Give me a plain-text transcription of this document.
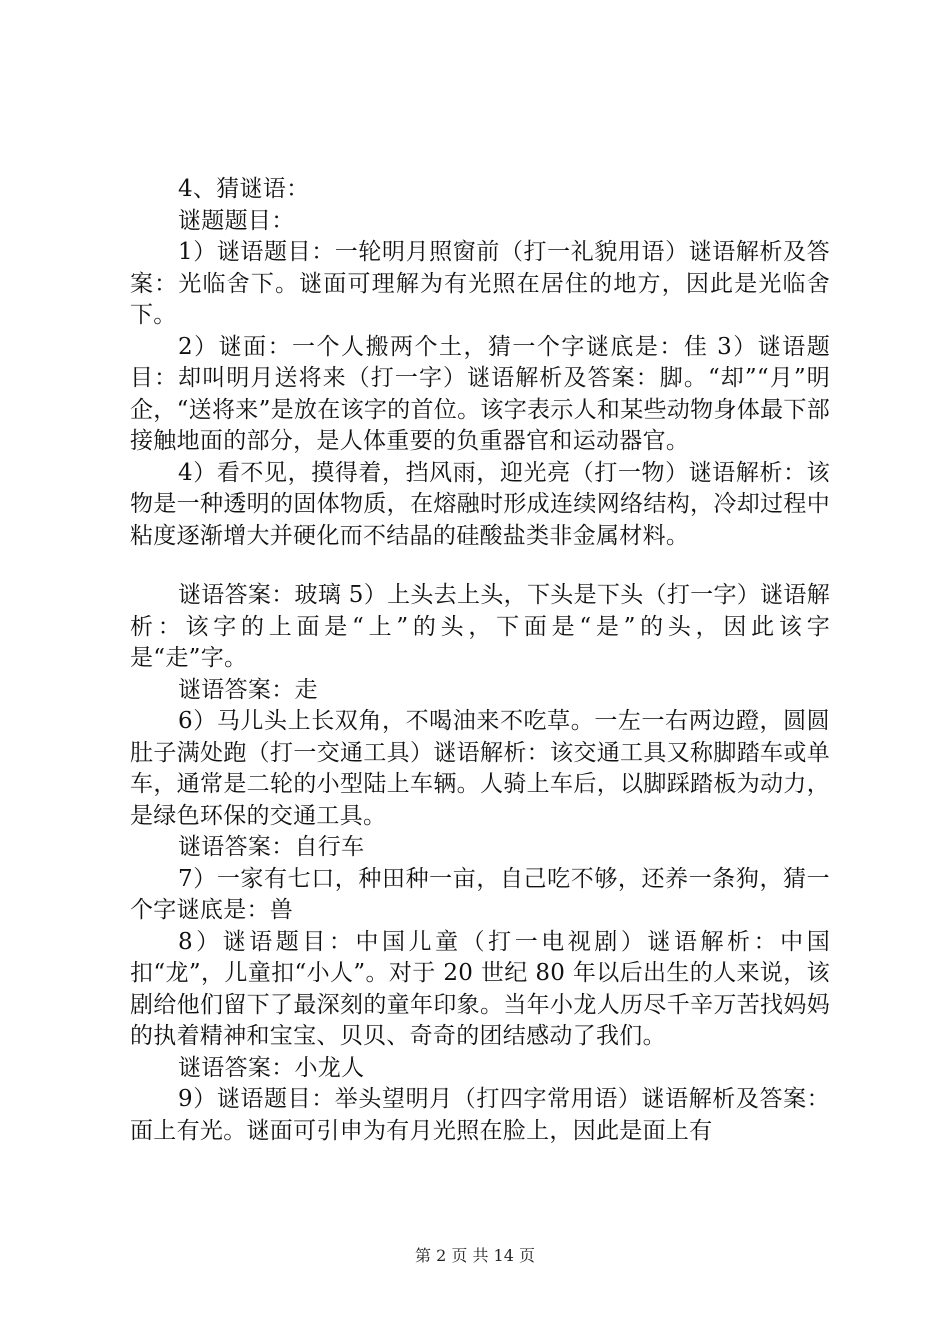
4、猜谜语：

谜题题目：

1）谜语题目：一轮明月照窗前（打一礼貌用语）谜语解析及答案：光临舍下。谜面可理解为有光照在居住的地方，因此是光临舍下。

2）谜面：一个人搬两个土，猜一个字谜底是：佳 3）谜语题目：却叫明月送将来（打一字）谜语解析及答案：脚。“却”“月”明企，“送将来”是放在该字的首位。该字表示人和某些动物身体最下部接触地面的部分，是人体重要的负重器官和运动器官。

4）看不见，摸得着，挡风雨，迎光亮（打一物）谜语解析：该物是一种透明的固体物质，在熔融时形成连续网络结构，冷却过程中粘度逐渐增大并硬化而不结晶的硅酸盐类非金属材料。

谜语答案：玻璃 5）上头去上头，下头是下头（打一字）谜语解析：该字的上面是“上”的头，下面是“是”的头，因此该字是“走”字。

谜语答案：走

6）马儿头上长双角，不喝油来不吃草。一左一右两边蹬，圆圆肚子满处跑（打一交通工具）谜语解析：该交通工具又称脚踏车或单车，通常是二轮的小型陆上车辆。人骑上车后，以脚踩踏板为动力，是绿色环保的交通工具。

谜语答案：自行车

7）一家有七口，种田种一亩，自己吃不够，还养一条狗，猜一个字谜底是：兽

8）谜语题目：中国儿童（打一电视剧）谜语解析：中国扣“龙”，儿童扣“小人”。对于 20 世纪 80 年以后出生的人来说，该剧给他们留下了最深刻的童年印象。当年小龙人历尽千辛万苦找妈妈的执着精神和宝宝、贝贝、奇奇的团结感动了我们。

谜语答案：小龙人

9）谜语题目：举头望明月（打四字常用语）谜语解析及答案：面上有光。谜面可引申为有月光照在脸上，因此是面上有

第 2 页 共 14 页
